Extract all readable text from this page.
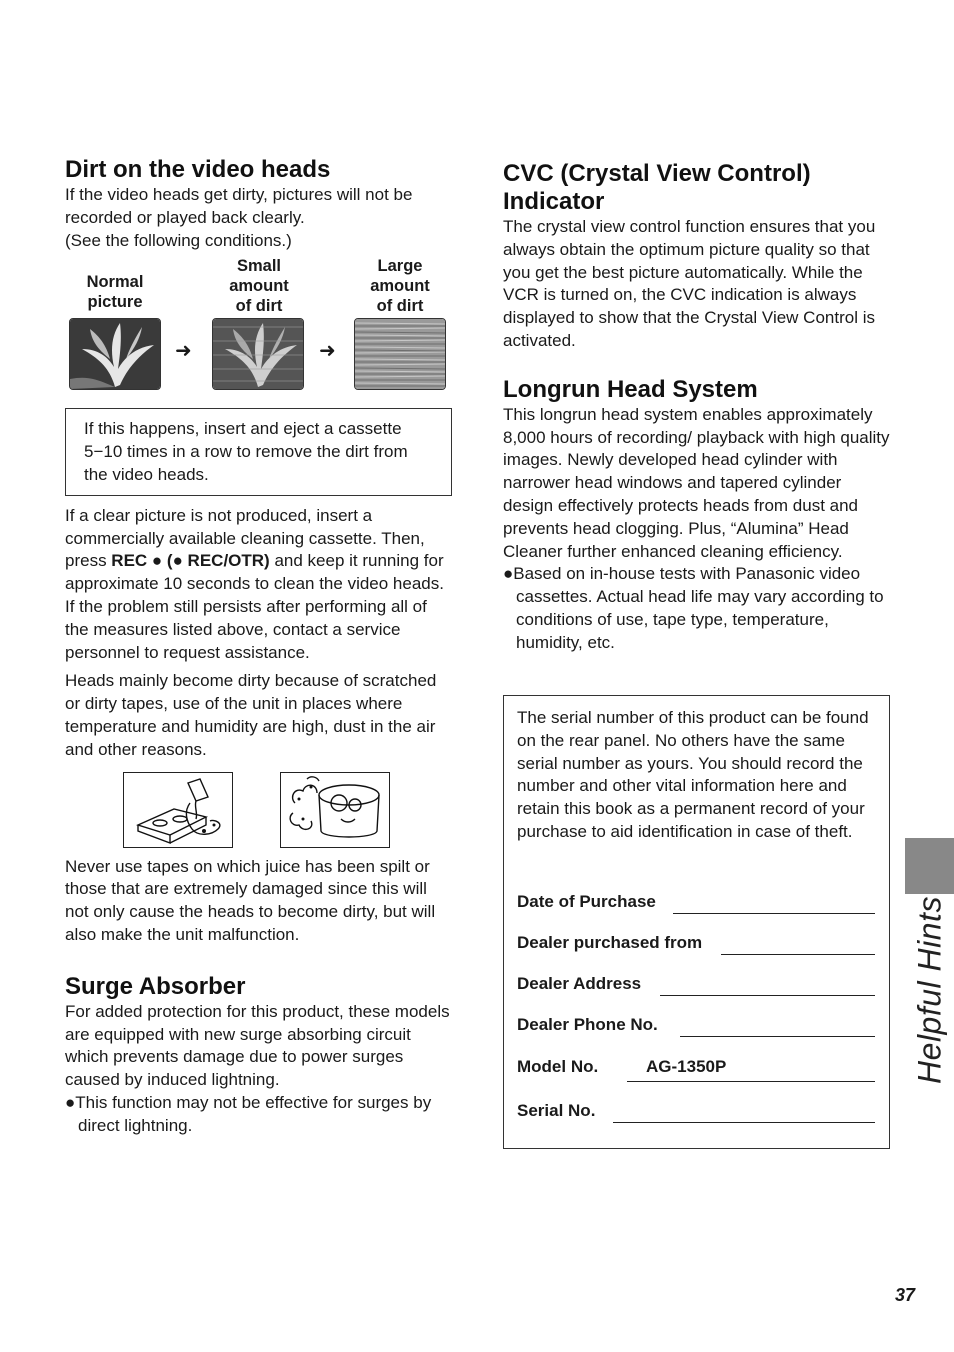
Dirt on the video heads

If the video heads get dirty, pictures will not be recorded or played back clearly.

(See the following conditions.)

Normal
picture
Small
amount
of dirt
Large
amount
of dirt
➜	➜

If this happens, insert and eject a cassette 5−10 times in a row to remove the dirt from the video heads.

If a clear picture is not produced, insert a commercially available cleaning cassette. Then, press REC ● (● REC/OTR) and keep it running for approximate 10 seconds to clean the video heads.

If the problem still persists after performing all of the measures listed above, contact a service personnel to request assistance.

Heads mainly become dirty because of scratched or dirty tapes, use of the unit in places where temperature and humidity are high, dust in the air and other reasons.

Never use tapes on which juice has been spilt or those that are extremely damaged since this will not only cause the heads to become dirty, but will also make the unit malfunction.

Surge Absorber

For added protection for this product, these models are equipped with new surge absorbing circuit which prevents damage due to power surges caused by induced lightning.

●This function may not be effective for surges by direct lightning.

CVC (Crystal View Control)
Indicator

The crystal view control function ensures that you always obtain the optimum picture quality so that you get the best picture automatically. While the VCR is turned on, the CVC indication is always displayed to show that the Crystal View Control is activated.

Longrun Head System

This longrun head system enables approximately 8,000 hours of recording/ playback with high quality images. Newly developed head cylinder with narrower head windows and tapered cylinder design effectively protects heads from dust and prevents head clogging. Plus, “Alumina” Head Cleaner further enhanced cleaning efficiency.

●Based on in-house tests with Panasonic video cassettes. Actual head life may vary according to conditions of use, tape type, temperature, humidity, etc.

The serial number of this product can be found on the rear panel. No others have the same serial number as yours. You should record the number and other vital information here and retain this book as a permanent record of your purchase to aid identification in case of theft.

Date of Purchase
Dealer purchased from
Dealer Address
Dealer Phone No.
Model No.	AG-1350P
Serial No.
Helpful Hints
37
